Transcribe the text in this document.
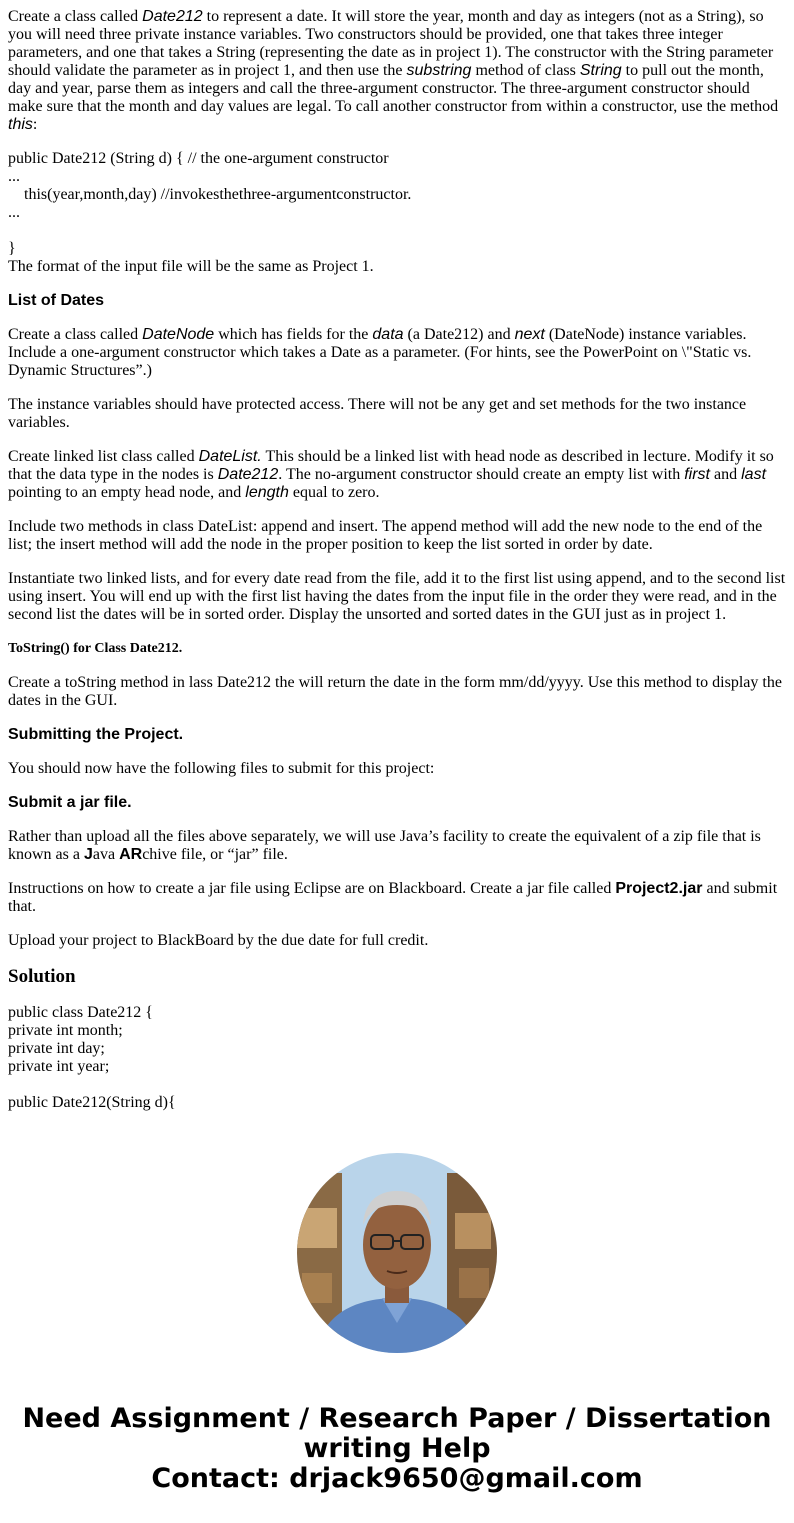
Create a class called Date212 to represent a date. It will store the year, month and day as integers (not as a String), so you will need three private instance variables. Two constructors should be provided, one that takes three integer parameters, and one that takes a String (representing the date as in project 1). The constructor with the String parameter should validate the parameter as in project 1, and then use the substring method of class String to pull out the month, day and year, parse them as integers and call the three-argument constructor. The three-argument constructor should make sure that the month and day values are legal. To call another constructor from within a constructor, use the method this:

public Date212 (String d) { // the one-argument constructor
...
this(year,month,day) //invokesthethree-argumentconstructor.
...
}
The format of the input file will be the same as Project 1.
List of Dates

Create a class called DateNode which has fields for the data (a Date212) and next (DateNode) instance variables. Include a one-argument constructor which takes a Date as a parameter. (For hints, see the PowerPoint on \"Static vs. Dynamic Structures”.)

The instance variables should have protected access. There will not be any get and set methods for the two instance variables.

Create linked list class called DateList. This should be a linked list with head node as described in lecture. Modify it so that the data type in the nodes is Date212. The no-argument constructor should create an empty list with first and last pointing to an empty head node, and length equal to zero.

Include two methods in class DateList: append and insert. The append method will add the new node to the end of the list; the insert method will add the node in the proper position to keep the list sorted in order by date.

Instantiate two linked lists, and for every date read from the file, add it to the first list using append, and to the second list using insert. You will end up with the first list having the dates from the input file in the order they were read, and in the second list the dates will be in sorted order. Display the unsorted and sorted dates in the GUI just as in project 1.

ToString() for Class Date212.

Create a toString method in lass Date212 the will return the date in the form mm/dd/yyyy. Use this method to display the dates in the GUI.

Submitting the Project.

You should now have the following files to submit for this project:

Submit a jar file.

Rather than upload all the files above separately, we will use Java’s facility to create the equivalent of a zip file that is known as a Java ARchive file, or “jar” file.

Instructions on how to create a jar file using Eclipse are on Blackboard. Create a jar file called Project2.jar and submit that.

Upload your project to BlackBoard by the due date for full credit.

Solution
public class Date212 {
private int month;
private int day;
private int year;
public Date212(String d){
Need Assignment / Research Paper / Dissertation
writing Help
Contact: drjack9650@gmail.com
